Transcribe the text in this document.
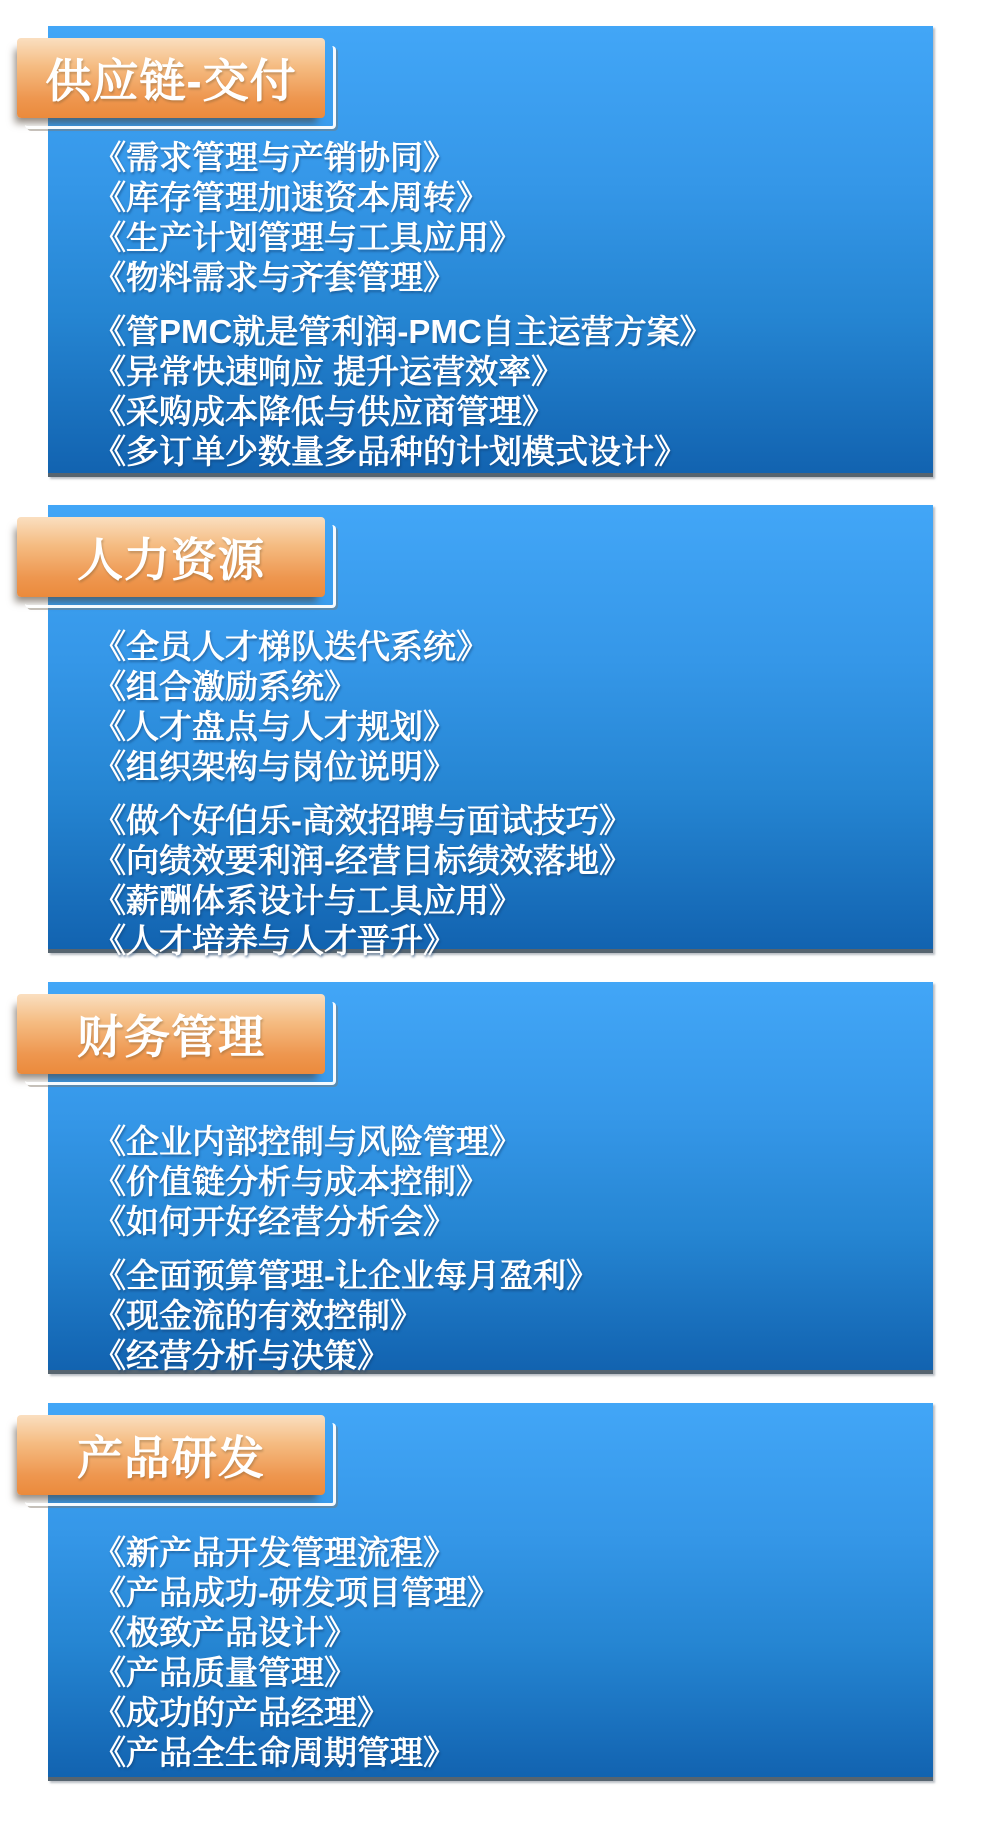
供应链-交付
《需求管理与产销协同》
《库存管理加速资本周转》
《生产计划管理与工具应用》
《物料需求与齐套管理》
《管PMC就是管利润-PMC自主运营方案》
《异常快速响应 提升运营效率》
《采购成本降低与供应商管理》
《多订单少数量多品种的计划模式设计》
人力资源
《全员人才梯队迭代系统》
《组合激励系统》
《人才盘点与人才规划》
《组织架构与岗位说明》
《做个好伯乐-高效招聘与面试技巧》
《向绩效要利润-经营目标绩效落地》
《薪酬体系设计与工具应用》
《人才培养与人才晋升》
财务管理
《企业内部控制与风险管理》
《价值链分析与成本控制》
《如何开好经营分析会》
《全面预算管理-让企业每月盈利》
《现金流的有效控制》
《经营分析与决策》
产品研发
《新产品开发管理流程》
《产品成功-研发项目管理》
《极致产品设计》
《产品质量管理》
《成功的产品经理》
《产品全生命周期管理》
